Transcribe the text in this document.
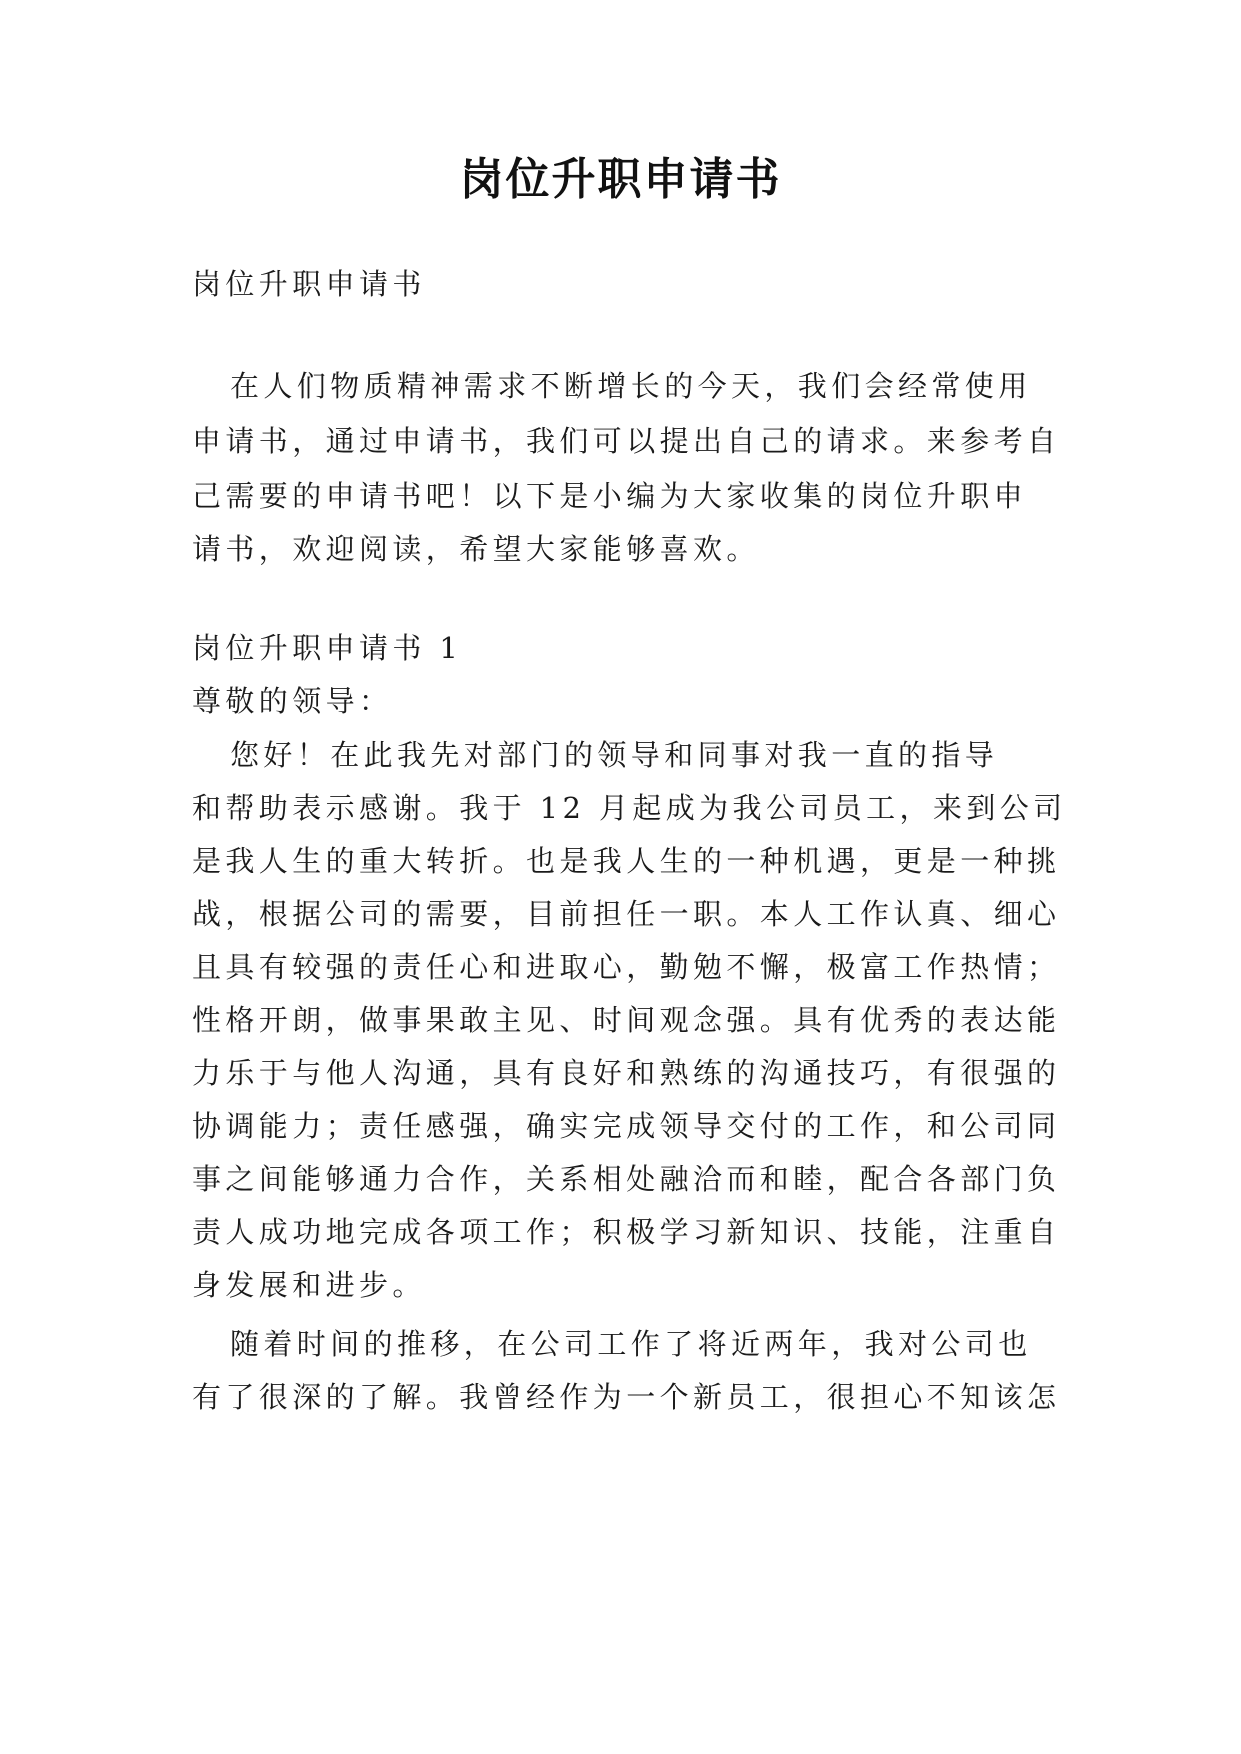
岗位升职申请书
岗位升职申请书
在人们物质精神需求不断增长的今天，我们会经常使用
申请书，通过申请书，我们可以提出自己的请求。来参考自
己需要的申请书吧！以下是小编为大家收集的岗位升职申
请书，欢迎阅读，希望大家能够喜欢。
岗位升职申请书 1
尊敬的领导：
您好！在此我先对部门的领导和同事对我一直的指导
和帮助表示感谢。我于 12 月起成为我公司员工，来到公司
是我人生的重大转折。也是我人生的一种机遇，更是一种挑
战，根据公司的需要，目前担任一职。本人工作认真、细心
且具有较强的责任心和进取心，勤勉不懈，极富工作热情；
性格开朗，做事果敢主见、时间观念强。具有优秀的表达能
力乐于与他人沟通，具有良好和熟练的沟通技巧，有很强的
协调能力；责任感强，确实完成领导交付的工作，和公司同
事之间能够通力合作，关系相处融洽而和睦，配合各部门负
责人成功地完成各项工作；积极学习新知识、技能，注重自
身发展和进步。
随着时间的推移，在公司工作了将近两年，我对公司也
有了很深的了解。我曾经作为一个新员工，很担心不知该怎
